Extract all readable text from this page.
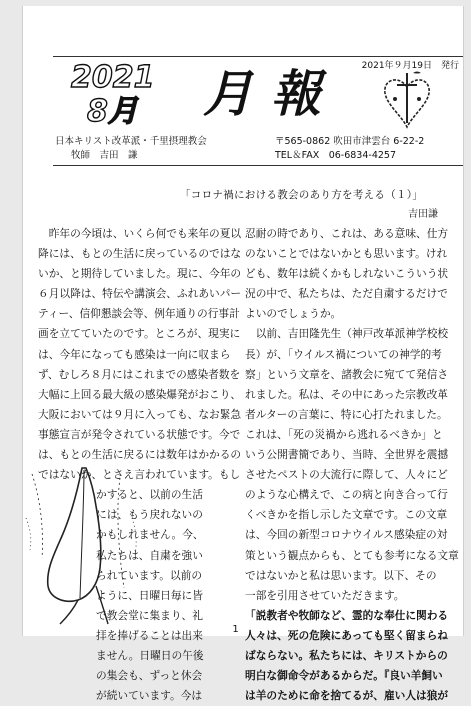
2021年９月19日　発行
2021
8月 月報
日本キリスト改革派・千里摂理教会
牧師　吉田　謙
〒565-0862 吹田市津雲台 6-22-2
TEL＆FAX　06-6834-4257
「コロナ禍における教会のあり方を考える（１）」
吉田謙
　昨年の今頃は、いくら何でも来年の夏以
降には、もとの生活に戻っているのではな
いか、と期待していました。現に、今年の
６月以降は、特伝や講演会、ふれあいパー
ティー、信仰懇談会等、例年通りの行事計
画を立てていたのです。ところが、現実に
は、今年になっても感染は一向に収まら
ず、むしろ８月にはこれまでの感染者数を
大幅に上回る最大級の感染爆発がおこり、
大阪においては９月に入っても、なお緊急
事態宣言が発令されている状態です。今で
は、もとの生活に戻るには数年はかかるの
ではないか、とさえ言われています。もし
かすると、以前の生活
には、もう戻れないの
かもしれません。今、
私たちは、自粛を強い
られています。以前の
ように、日曜日毎に皆
で教会堂に集まり、礼
拝を捧げることは出来
ません。日曜日の午後
の集会も、ずっと休会
が続いています。今は
忍耐の時であり、これは、ある意味、仕方
のないことではないかとも思います。けれ
ども、数年は続くかもしれないこういう状
況の中で、私たちは、ただ自粛するだけで
よいのでしょうか。
　以前、吉田隆先生（神戸改革派神学校校
長）が、「ウイルス禍についての神学的考
察」という文章を、諸教会に宛てて発信さ
れました。私は、その中にあった宗教改革
者ルターの言葉に、特に心打たれました。
これは、「死の災禍から逃れるべきか」と
いう公開書簡であり、当時、全世界を震撼
させたペストの大流行に際して、人々にど
のような心構えで、この病と向き合って行
くべきかを指し示した文章です。この文章
は、今回の新型コロナウイルス感染症の対
策という観点からも、とても参考になる文章
ではないかと私は思います。以下、その
一部を引用させていただきます。
「説教者や牧師など、霊的な奉仕に関わる
人々は、死の危険にあっても堅く留まらね
ばならない。私たちには、キリストからの
明白な御命令があるからだ。『良い羊飼い
は羊のために命を捨てるが、雇い人は狼が
1
